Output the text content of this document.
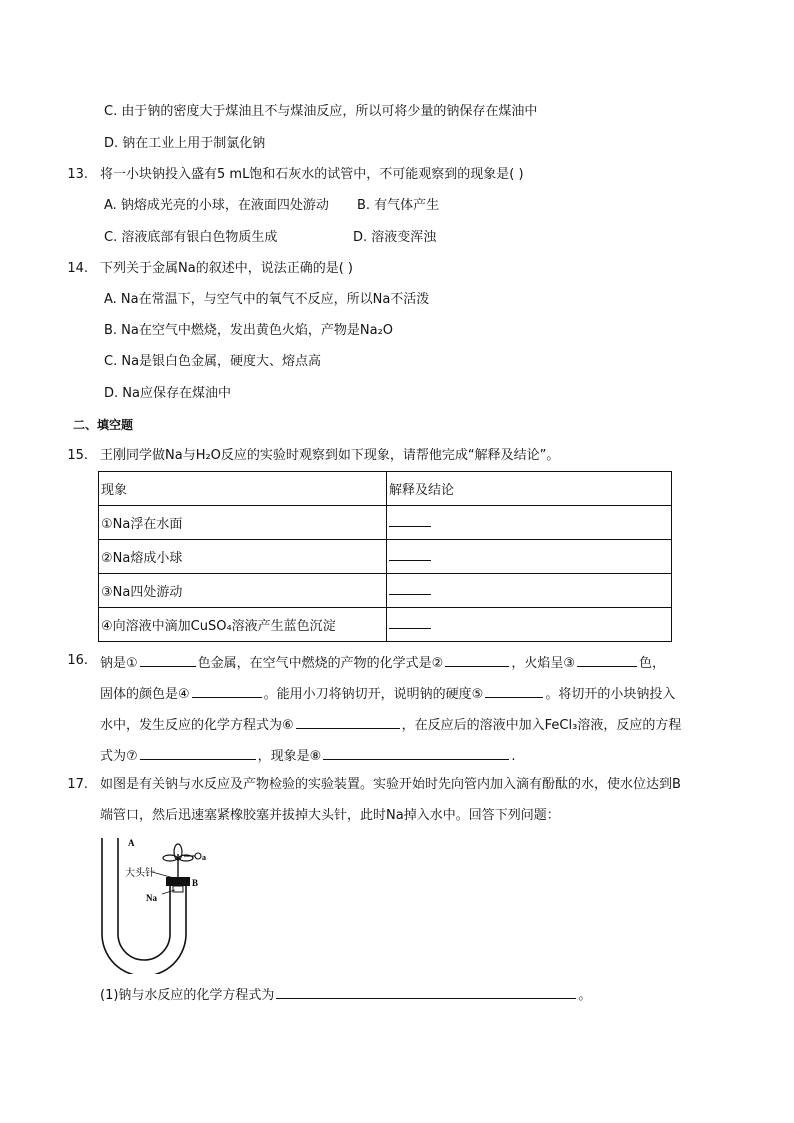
C. 由于钠的密度大于煤油且不与煤油反应，所以可将少量的钠保存在煤油中
D. 钠在工业上用于制氯化钠
13. 将一小块钠投入盛有5 mL饱和石灰水的试管中，不可能观察到的现象是( )
A. 钠熔成光亮的小球，在液面四处游动 B. 有气体产生
C. 溶液底部有银白色物质生成	D. 溶液变浑浊
14. 下列关于金属Na的叙述中，说法正确的是( )
A. Na在常温下，与空气中的氧气不反应，所以Na不活泼
B. Na在空气中燃烧，发出黄色火焰，产物是Na₂O
C. Na是银白色金属，硬度大、熔点高
D. Na应保存在煤油中
二、填空题
15. 王刚同学做Na与H₂O反应的实验时观察到如下现象，请帮他完成“解释及结论”。
现象	解释及结论
①Na浮在水面	
②Na熔成小球	
③Na四处游动	
④向溶液中滴加CuSO₄溶液产生蓝色沉淀	
16. 钠是①	色金属，在空气中燃烧的产物的化学式是②	，火焰呈③	色，
固体的颜色是④	。能用小刀将钠切开，说明钠的硬度⑤	。将切开的小块钠投入
水中，发生反应的化学方程式为⑥	，在反应后的溶液中加入FeCl₃溶液，反应的方程
式为⑦	，现象是⑧	.
17. 如图是有关钠与水反应及产物检验的实验装置。实验开始时先向管内加入滴有酚酞的水，使水位达到B
端管口，然后迅速塞紧橡胶塞并拔掉大头针，此时Na掉入水中。回答下列问题：
A
a
大头针
B
Na
(1)钠与水反应的化学方程式为	。
